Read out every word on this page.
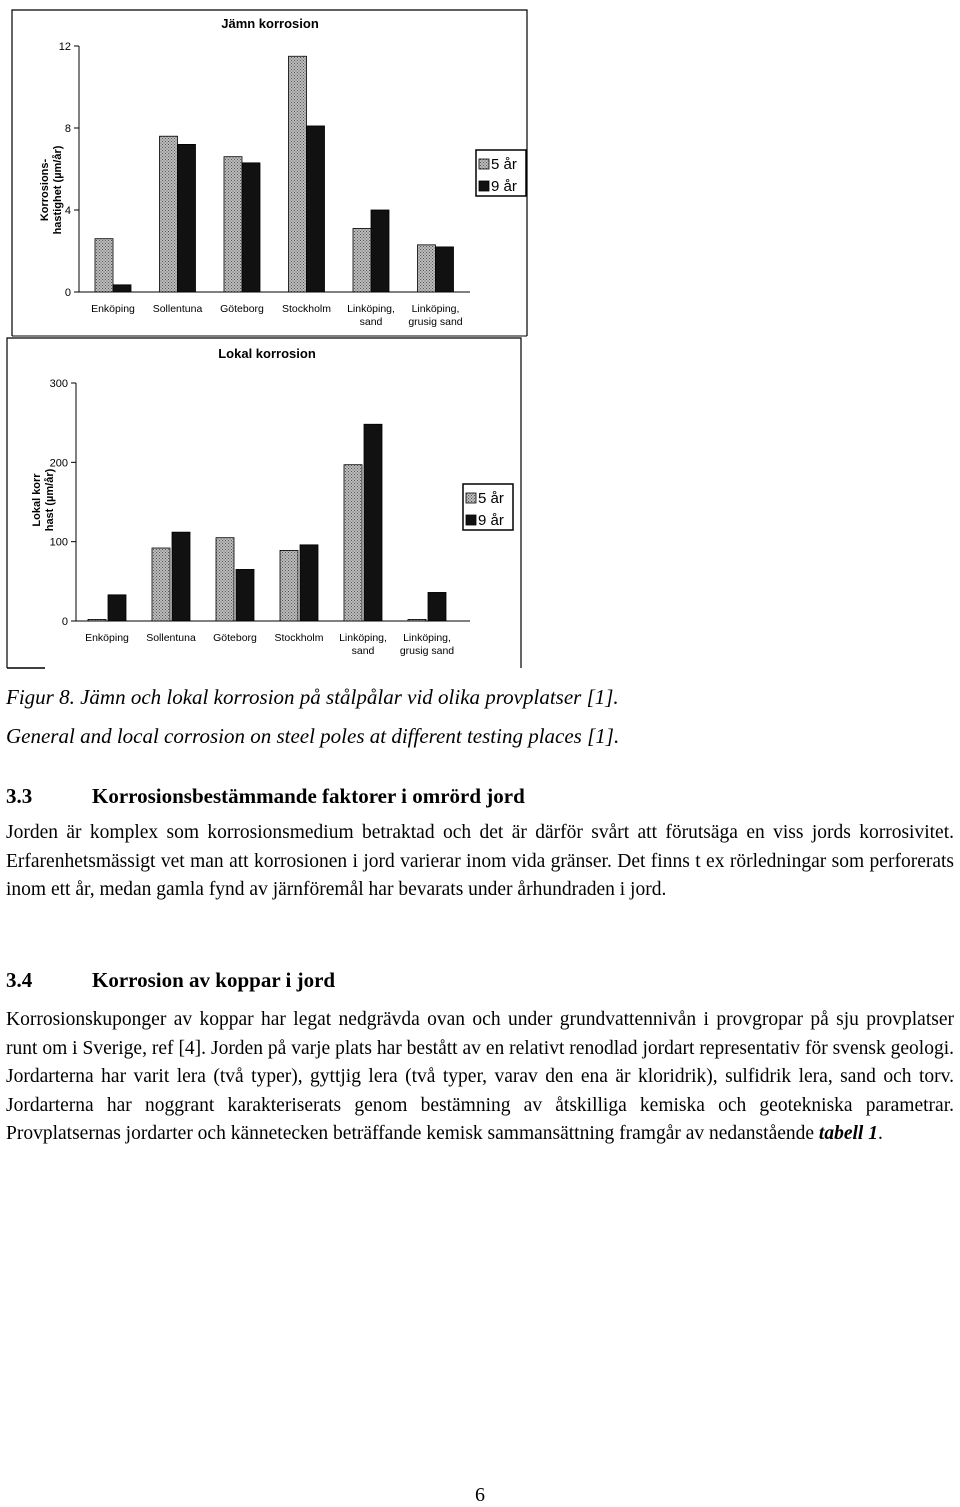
Jämn korrosion
0
4
8
12
Korrosions-hastighet (µm/år)
Enköping Sollentuna Göteborg Stockholm Linköping, sand
Linköping, grusig sand
5 år
9 år
Lokal korrosion
0
100
200
300
Lokal korrhast (µm/år)
Enköping Sollentuna Göteborg Stockholm Linköping, sand
Linköping, grusig sand
5 år
9 år
Figur 8. Jämn och lokal korrosion på stålpålar vid olika provplatser [1].
General and local corrosion on steel poles at different testing places [1].
3.3	Korrosionsbestämmande faktorer i omrörd jord
Jorden är komplex som korrosionsmedium betraktad och det är därför svårt att förutsäga en viss jords korrosivitet. Erfarenhetsmässigt vet man att korrosionen i jord varierar inom vida gränser. Det finns t ex rörledningar som perforerats inom ett år, medan gamla fynd av järnföremål har bevarats under århundraden i jord.
3.4	Korrosion av koppar i jord
Korrosionskuponger av koppar har legat nedgrävda ovan och under grundvattennivån i provgropar på sju provplatser runt om i Sverige, ref [4]. Jorden på varje plats har bestått av en relativt renodlad jordart representativ för svensk geologi. Jordarterna har varit lera (två typer), gyttjig lera (två typer, varav den ena är kloridrik), sulfidrik lera, sand och torv. Jordarterna har noggrant karakteriserats genom bestämning av åtskilliga kemiska och geotekniska parametrar. Provplatsernas jordarter och kännetecken beträffande kemisk sammansättning framgår av nedanstående tabell 1.
6
